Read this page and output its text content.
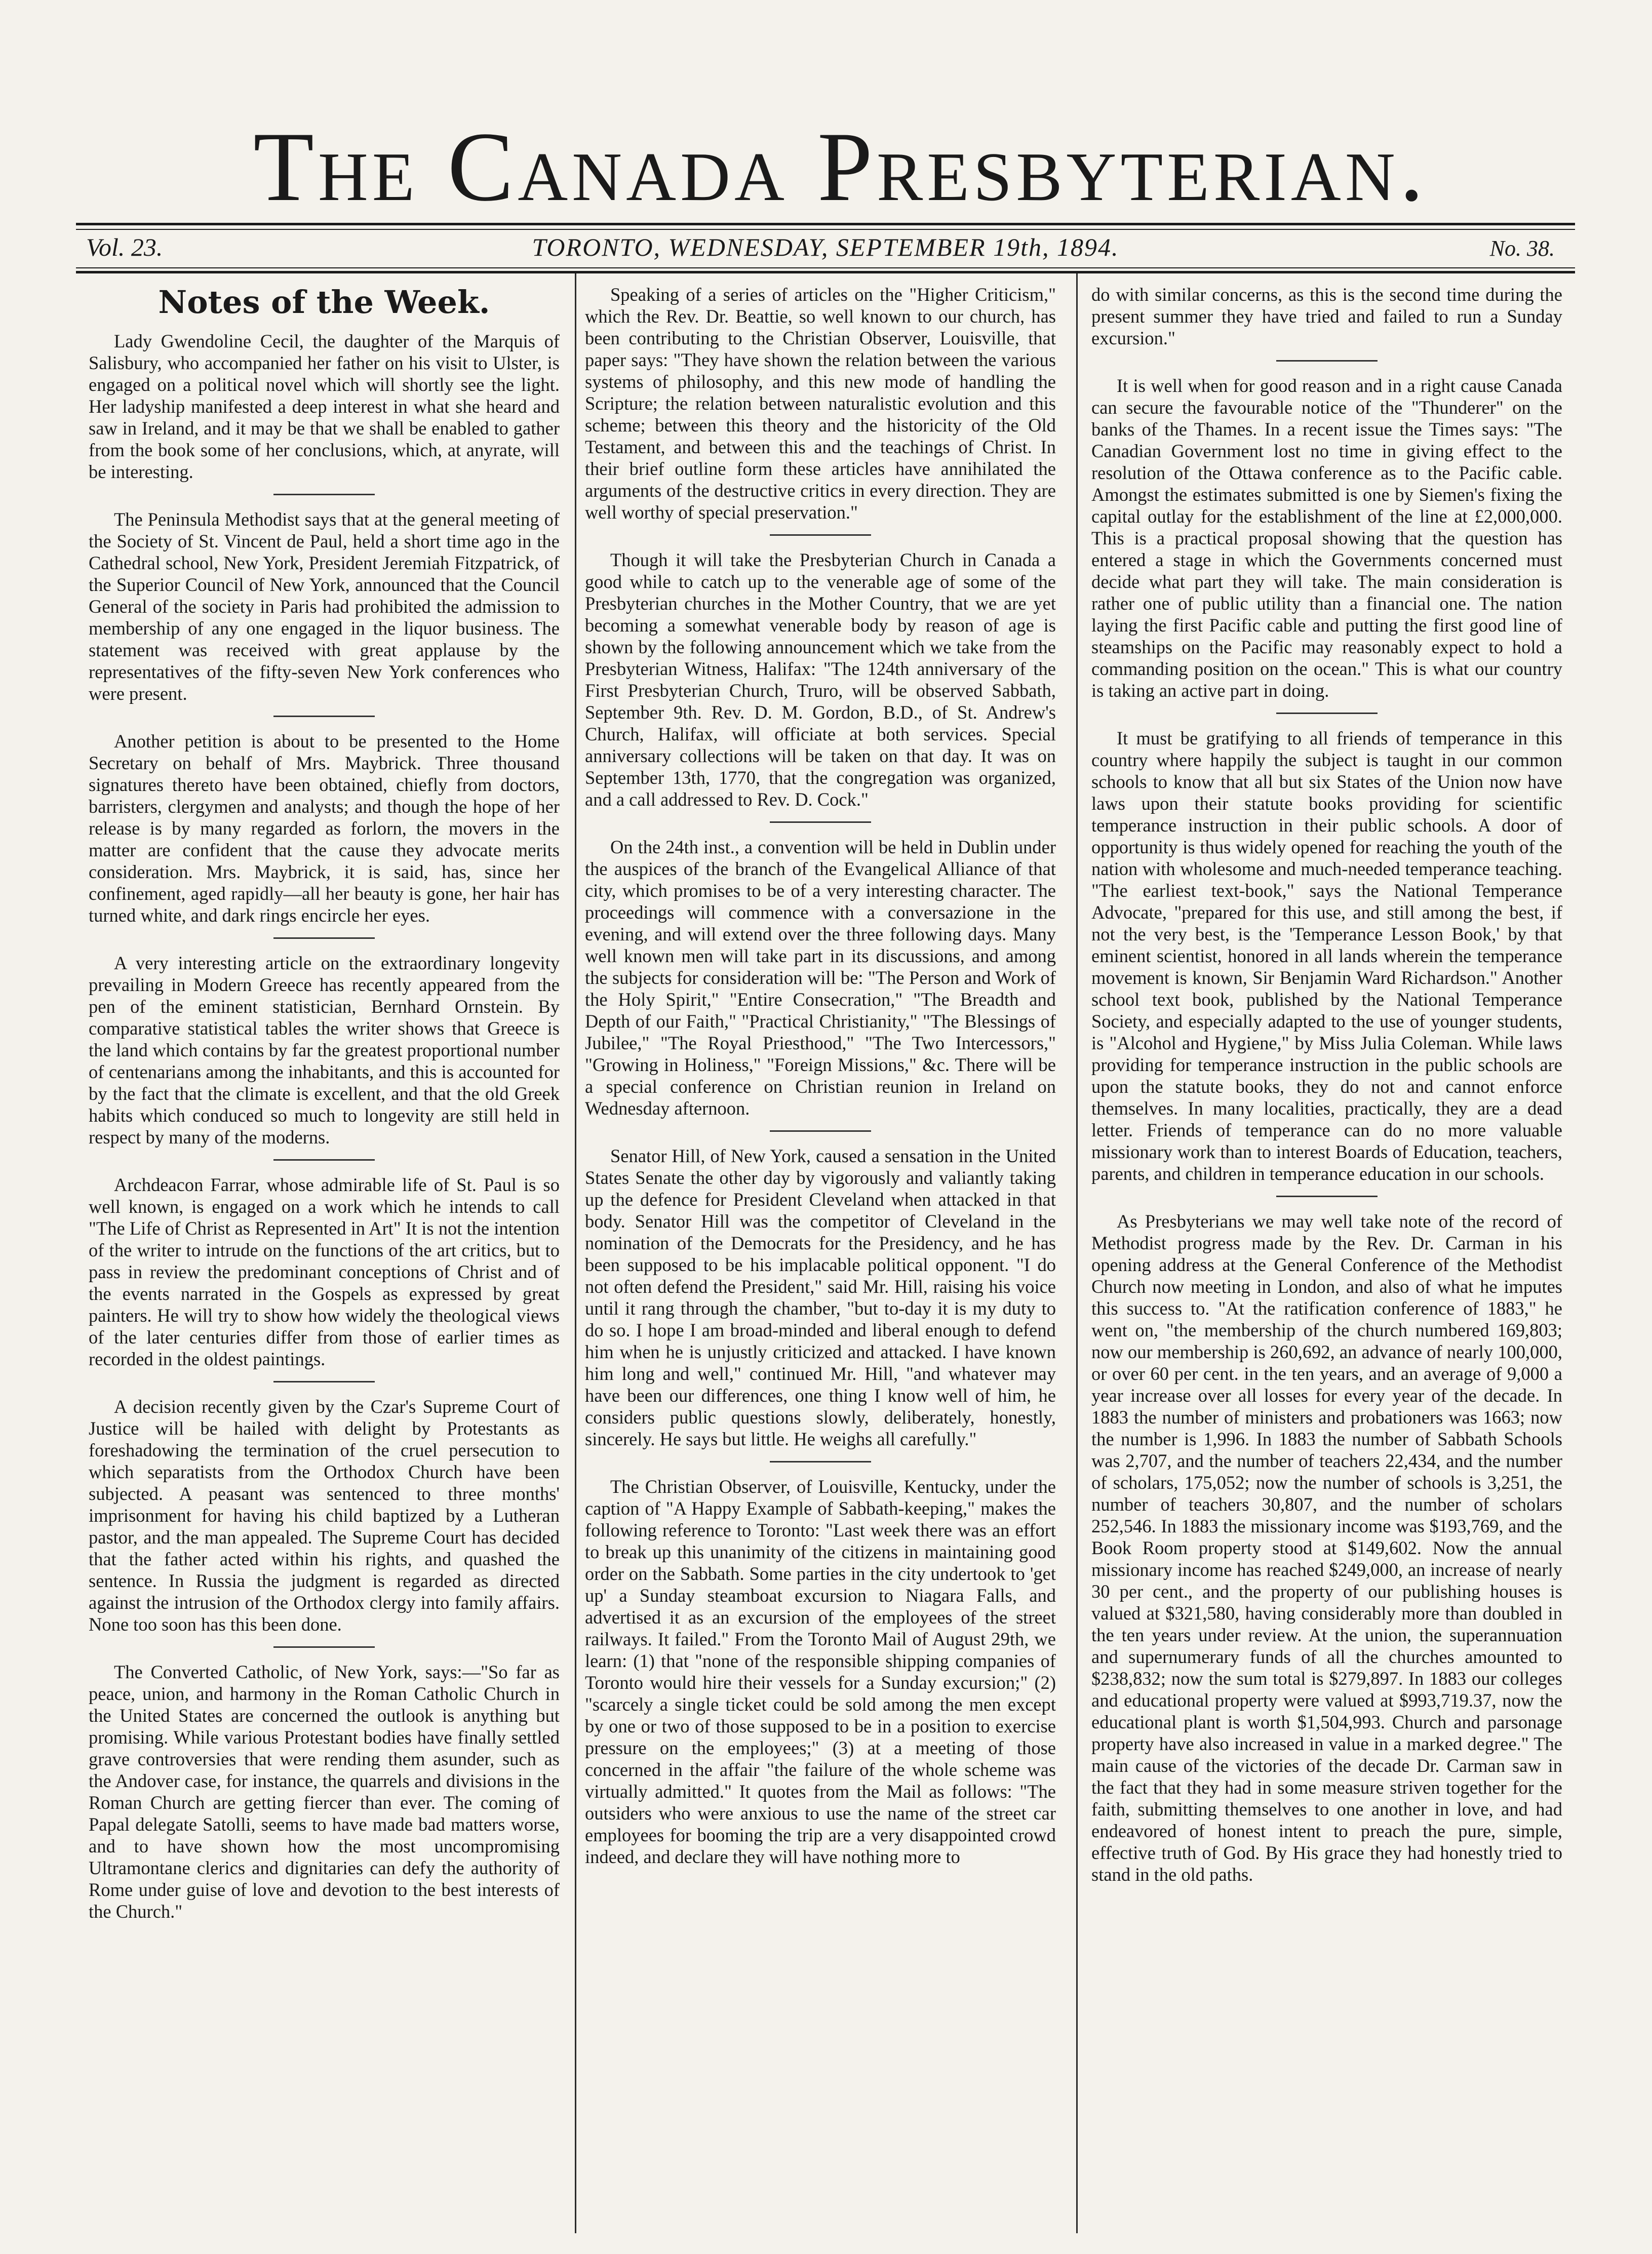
The Canada Presbyterian.
Vol. 23.	TORONTO, WEDNESDAY, SEPTEMBER 19th, 1894.	No. 38.
Notes of the Week.

Lady Gwendoline Cecil, the daughter of the Marquis of Salisbury, who accompanied her father on his visit to Ulster, is engaged on a political novel which will shortly see the light. Her ladyship manifested a deep interest in what she heard and saw in Ireland, and it may be that we shall be enabled to gather from the book some of her conclusions, which, at anyrate, will be interesting.

The Peninsula Methodist says that at the general meeting of the Society of St. Vincent de Paul, held a short time ago in the Cathedral school, New York, President Jeremiah Fitzpatrick, of the Superior Council of New York, announced that the Council General of the society in Paris had prohibited the admission to membership of any one engaged in the liquor business. The statement was received with great applause by the representatives of the fifty-seven New York conferences who were present.

Another petition is about to be presented to the Home Secretary on behalf of Mrs. Maybrick. Three thousand signatures thereto have been obtained, chiefly from doctors, barristers, clergymen and analysts; and though the hope of her release is by many regarded as forlorn, the movers in the matter are confident that the cause they advocate merits consideration. Mrs. Maybrick, it is said, has, since her confinement, aged rapidly—all her beauty is gone, her hair has turned white, and dark rings encircle her eyes.

A very interesting article on the extraordinary longevity prevailing in Modern Greece has recently appeared from the pen of the eminent statistician, Bernhard Ornstein. By comparative statistical tables the writer shows that Greece is the land which contains by far the greatest proportional number of centenarians among the inhabitants, and this is accounted for by the fact that the climate is excellent, and that the old Greek habits which conduced so much to longevity are still held in respect by many of the moderns.

Archdeacon Farrar, whose admirable life of St. Paul is so well known, is engaged on a work which he intends to call "The Life of Christ as Represented in Art" It is not the intention of the writer to intrude on the functions of the art critics, but to pass in review the predominant conceptions of Christ and of the events narrated in the Gospels as expressed by great painters. He will try to show how widely the theological views of the later centuries differ from those of earlier times as recorded in the oldest paintings.

A decision recently given by the Czar's Supreme Court of Justice will be hailed with delight by Protestants as foreshadowing the termination of the cruel persecution to which separatists from the Orthodox Church have been subjected. A peasant was sentenced to three months' imprisonment for having his child baptized by a Lutheran pastor, and the man appealed. The Supreme Court has decided that the father acted within his rights, and quashed the sentence. In Russia the judgment is regarded as directed against the intrusion of the Orthodox clergy into family affairs. None too soon has this been done.

The Converted Catholic, of New York, says:—"So far as peace, union, and harmony in the Roman Catholic Church in the United States are concerned the outlook is anything but promising. While various Protestant bodies have finally settled grave controversies that were rending them asunder, such as the Andover case, for instance, the quarrels and divisions in the Roman Church are getting fiercer than ever. The coming of Papal delegate Satolli, seems to have made bad matters worse, and to have shown how the most uncompromising Ultramontane clerics and dignitaries can defy the authority of Rome under guise of love and devotion to the best interests of the Church."

Speaking of a series of articles on the "Higher Criticism," which the Rev. Dr. Beattie, so well known to our church, has been contributing to the Christian Observer, Louisville, that paper says: "They have shown the relation between the various systems of philosophy, and this new mode of handling the Scripture; the relation between naturalistic evolution and this scheme; between this theory and the historicity of the Old Testament, and between this and the teachings of Christ. In their brief outline form these articles have annihilated the arguments of the destructive critics in every direction. They are well worthy of special preservation."

Though it will take the Presbyterian Church in Canada a good while to catch up to the venerable age of some of the Presbyterian churches in the Mother Country, that we are yet becoming a somewhat venerable body by reason of age is shown by the following announcement which we take from the Presbyterian Witness, Halifax: "The 124th anniversary of the First Presbyterian Church, Truro, will be observed Sabbath, September 9th. Rev. D. M. Gordon, B.D., of St. Andrew's Church, Halifax, will officiate at both services. Special anniversary collections will be taken on that day. It was on September 13th, 1770, that the congregation was organized, and a call addressed to Rev. D. Cock."

On the 24th inst., a convention will be held in Dublin under the auspices of the branch of the Evangelical Alliance of that city, which promises to be of a very interesting character. The proceedings will commence with a conversazione in the evening, and will extend over the three following days. Many well known men will take part in its discussions, and among the subjects for consideration will be: "The Person and Work of the Holy Spirit," "Entire Consecration," "The Breadth and Depth of our Faith," "Practical Christianity," "The Blessings of Jubilee," "The Royal Priesthood," "The Two Intercessors," "Growing in Holiness," "Foreign Missions," &c. There will be a special conference on Christian reunion in Ireland on Wednesday afternoon.

Senator Hill, of New York, caused a sensation in the United States Senate the other day by vigorously and valiantly taking up the defence for President Cleveland when attacked in that body. Senator Hill was the competitor of Cleveland in the nomination of the Democrats for the Presidency, and he has been supposed to be his implacable political opponent. "I do not often defend the President," said Mr. Hill, raising his voice until it rang through the chamber, "but to-day it is my duty to do so. I hope I am broad-minded and liberal enough to defend him when he is unjustly criticized and attacked. I have known him long and well," continued Mr. Hill, "and whatever may have been our differences, one thing I know well of him, he considers public questions slowly, deliberately, honestly, sincerely. He says but little. He weighs all carefully."

The Christian Observer, of Louisville, Kentucky, under the caption of "A Happy Example of Sabbath-keeping," makes the following reference to Toronto: "Last week there was an effort to break up this unanimity of the citizens in maintaining good order on the Sabbath. Some parties in the city undertook to 'get up' a Sunday steamboat excursion to Niagara Falls, and advertised it as an excursion of the employees of the street railways. It failed." From the Toronto Mail of August 29th, we learn: (1) that "none of the responsible shipping companies of Toronto would hire their vessels for a Sunday excursion;" (2) "scarcely a single ticket could be sold among the men except by one or two of those supposed to be in a position to exercise pressure on the employees;" (3) at a meeting of those concerned in the affair "the failure of the whole scheme was virtually admitted." It quotes from the Mail as follows: "The outsiders who were anxious to use the name of the street car employees for booming the trip are a very disappointed crowd indeed, and declare they will have nothing more to

do with similar concerns, as this is the second time during the present summer they have tried and failed to run a Sunday excursion."

It is well when for good reason and in a right cause Canada can secure the favourable notice of the "Thunderer" on the banks of the Thames. In a recent issue the Times says: "The Canadian Government lost no time in giving effect to the resolution of the Ottawa conference as to the Pacific cable. Amongst the estimates submitted is one by Siemen's fixing the capital outlay for the establishment of the line at £2,000,000. This is a practical proposal showing that the question has entered a stage in which the Governments concerned must decide what part they will take. The main consideration is rather one of public utility than a financial one. The nation laying the first Pacific cable and putting the first good line of steamships on the Pacific may reasonably expect to hold a commanding position on the ocean." This is what our country is taking an active part in doing.

It must be gratifying to all friends of temperance in this country where happily the subject is taught in our common schools to know that all but six States of the Union now have laws upon their statute books providing for scientific temperance instruction in their public schools. A door of opportunity is thus widely opened for reaching the youth of the nation with wholesome and much-needed temperance teaching. "The earliest text-book," says the National Temperance Advocate, "prepared for this use, and still among the best, if not the very best, is the 'Temperance Lesson Book,' by that eminent scientist, honored in all lands wherein the temperance movement is known, Sir Benjamin Ward Richardson." Another school text book, published by the National Temperance Society, and especially adapted to the use of younger students, is "Alcohol and Hygiene," by Miss Julia Coleman. While laws providing for temperance instruction in the public schools are upon the statute books, they do not and cannot enforce themselves. In many localities, practically, they are a dead letter. Friends of temperance can do no more valuable missionary work than to interest Boards of Education, teachers, parents, and children in temperance education in our schools.

As Presbyterians we may well take note of the record of Methodist progress made by the Rev. Dr. Carman in his opening address at the General Conference of the Methodist Church now meeting in London, and also of what he imputes this success to. "At the ratification conference of 1883," he went on, "the membership of the church numbered 169,803; now our membership is 260,692, an advance of nearly 100,000, or over 60 per cent. in the ten years, and an average of 9,000 a year increase over all losses for every year of the decade. In 1883 the number of ministers and probationers was 1663; now the number is 1,996. In 1883 the number of Sabbath Schools was 2,707, and the number of teachers 22,434, and the number of scholars, 175,052; now the number of schools is 3,251, the number of teachers 30,807, and the number of scholars 252,546. In 1883 the missionary income was $193,769, and the Book Room property stood at $149,602. Now the annual missionary income has reached $249,000, an increase of nearly 30 per cent., and the property of our publishing houses is valued at $321,580, having considerably more than doubled in the ten years under review. At the union, the superannuation and supernumerary funds of all the churches amounted to $238,832; now the sum total is $279,897. In 1883 our colleges and educational property were valued at $993,719.37, now the educational plant is worth $1,504,993. Church and parsonage property have also increased in value in a marked degree." The main cause of the victories of the decade Dr. Carman saw in the fact that they had in some measure striven together for the faith, submitting themselves to one another in love, and had endeavored of honest intent to preach the pure, simple, effective truth of God. By His grace they had honestly tried to stand in the old paths.
